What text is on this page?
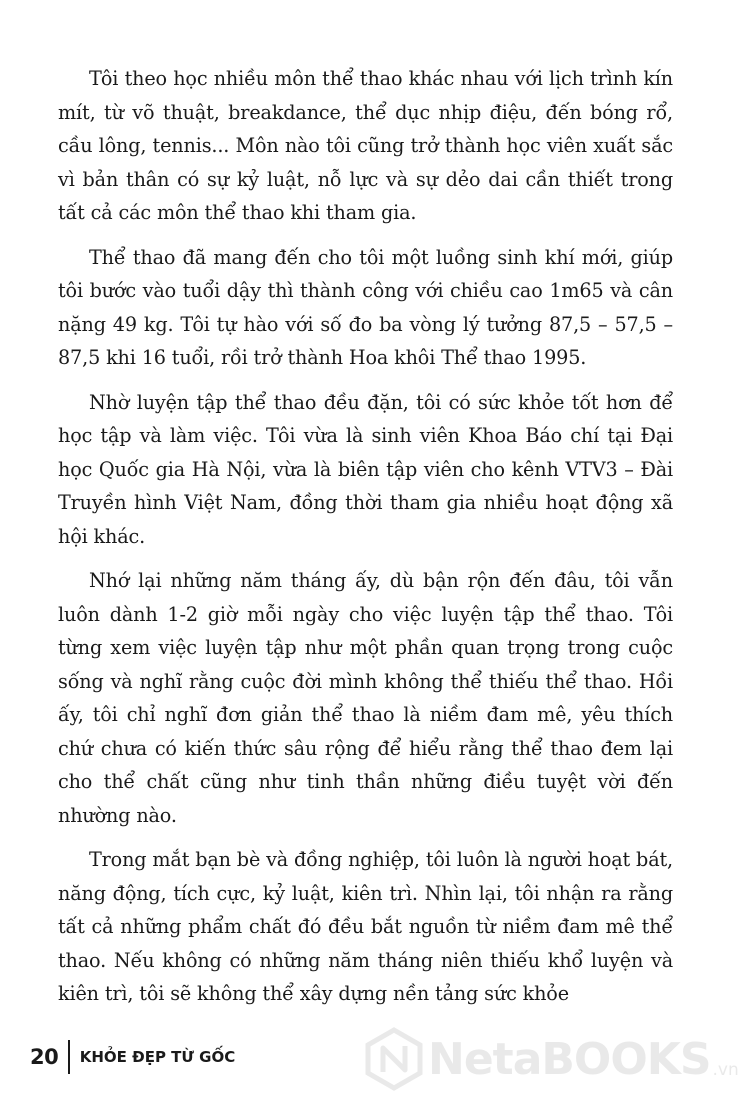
Tôi theo học nhiều môn thể thao khác nhau với lịch trình kín mít, từ võ thuật, breakdance, thể dục nhịp điệu, đến bóng rổ, cầu lông, tennis... Môn nào tôi cũng trở thành học viên xuất sắc vì bản thân có sự kỷ luật, nỗ lực và sự dẻo dai cần thiết trong tất cả các môn thể thao khi tham gia.

Thể thao đã mang đến cho tôi một luồng sinh khí mới, giúp tôi bước vào tuổi dậy thì thành công với chiều cao 1m65 và cân nặng 49 kg. Tôi tự hào với số đo ba vòng lý tưởng 87,5 – 57,5 – 87,5 khi 16 tuổi, rồi trở thành Hoa khôi Thể thao 1995.

Nhờ luyện tập thể thao đều đặn, tôi có sức khỏe tốt hơn để học tập và làm việc. Tôi vừa là sinh viên Khoa Báo chí tại Đại học Quốc gia Hà Nội, vừa là biên tập viên cho kênh VTV3 – Đài Truyền hình Việt Nam, đồng thời tham gia nhiều hoạt động xã hội khác.

Nhớ lại những năm tháng ấy, dù bận rộn đến đâu, tôi vẫn luôn dành 1-2 giờ mỗi ngày cho việc luyện tập thể thao. Tôi từng xem việc luyện tập như một phần quan trọng trong cuộc sống và nghĩ rằng cuộc đời mình không thể thiếu thể thao. Hồi ấy, tôi chỉ nghĩ đơn giản thể thao là niềm đam mê, yêu thích chứ chưa có kiến thức sâu rộng để hiểu rằng thể thao đem lại cho thể chất cũng như tinh thần những điều tuyệt vời đến nhường nào.

Trong mắt bạn bè và đồng nghiệp, tôi luôn là người hoạt bát, năng động, tích cực, kỷ luật, kiên trì. Nhìn lại, tôi nhận ra rằng tất cả những phẩm chất đó đều bắt nguồn từ niềm đam mê thể thao. Nếu không có những năm tháng niên thiếu khổ luyện và kiên trì, tôi sẽ không thể xây dựng nền tảng sức khỏe

20 KHỎE ĐẸP TỪ GỐC	NetaBOOKS .vn
